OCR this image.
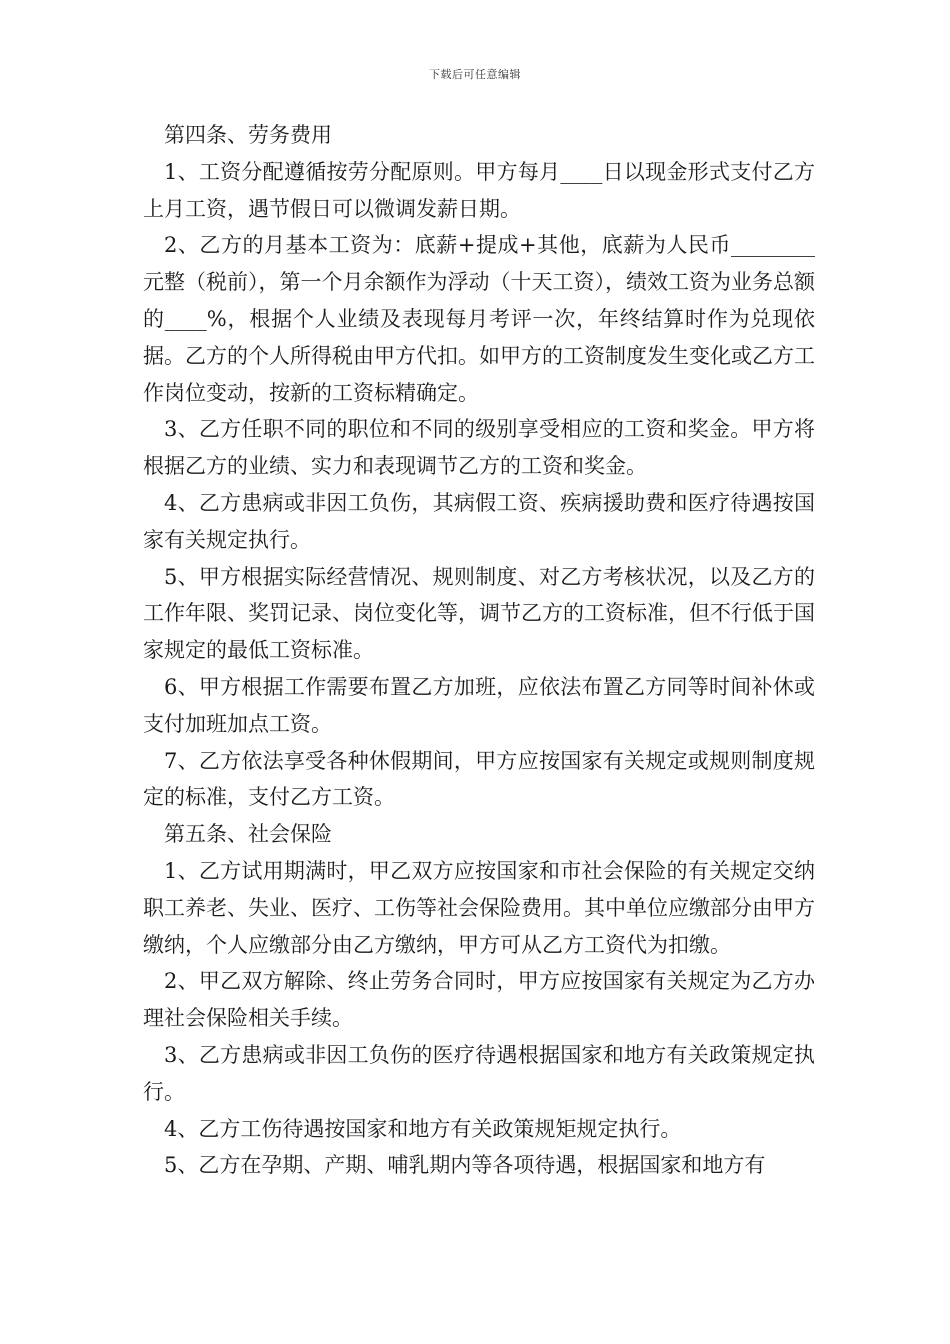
下载后可任意编辑

第四条、劳务费用

1、工资分配遵循按劳分配原则。甲方每月____日以现金形式支付乙方上月工资，遇节假日可以微调发薪日期。

2、乙方的月基本工资为：底薪+提成+其他，底薪为人民币________元整（税前），第一个月余额作为浮动（十天工资），绩效工资为业务总额的____%，根据个人业绩及表现每月考评一次，年终结算时作为兑现依据。乙方的个人所得税由甲方代扣。如甲方的工资制度发生变化或乙方工作岗位变动，按新的工资标精确定。

3、乙方任职不同的职位和不同的级别享受相应的工资和奖金。甲方将根据乙方的业绩、实力和表现调节乙方的工资和奖金。

4、乙方患病或非因工负伤，其病假工资、疾病援助费和医疗待遇按国家有关规定执行。

5、甲方根据实际经营情况、规则制度、对乙方考核状况，以及乙方的工作年限、奖罚记录、岗位变化等，调节乙方的工资标准，但不行低于国家规定的最低工资标准。

6、甲方根据工作需要布置乙方加班，应依法布置乙方同等时间补休或支付加班加点工资。

7、乙方依法享受各种休假期间，甲方应按国家有关规定或规则制度规定的标准，支付乙方工资。

第五条、社会保险

1、乙方试用期满时，甲乙双方应按国家和市社会保险的有关规定交纳职工养老、失业、医疗、工伤等社会保险费用。其中单位应缴部分由甲方缴纳，个人应缴部分由乙方缴纳，甲方可从乙方工资代为扣缴。

2、甲乙双方解除、终止劳务合同时，甲方应按国家有关规定为乙方办理社会保险相关手续。

3、乙方患病或非因工负伤的医疗待遇根据国家和地方有关政策规定执行。

4、乙方工伤待遇按国家和地方有关政策规矩规定执行。

5、乙方在孕期、产期、哺乳期内等各项待遇，根据国家和地方有
